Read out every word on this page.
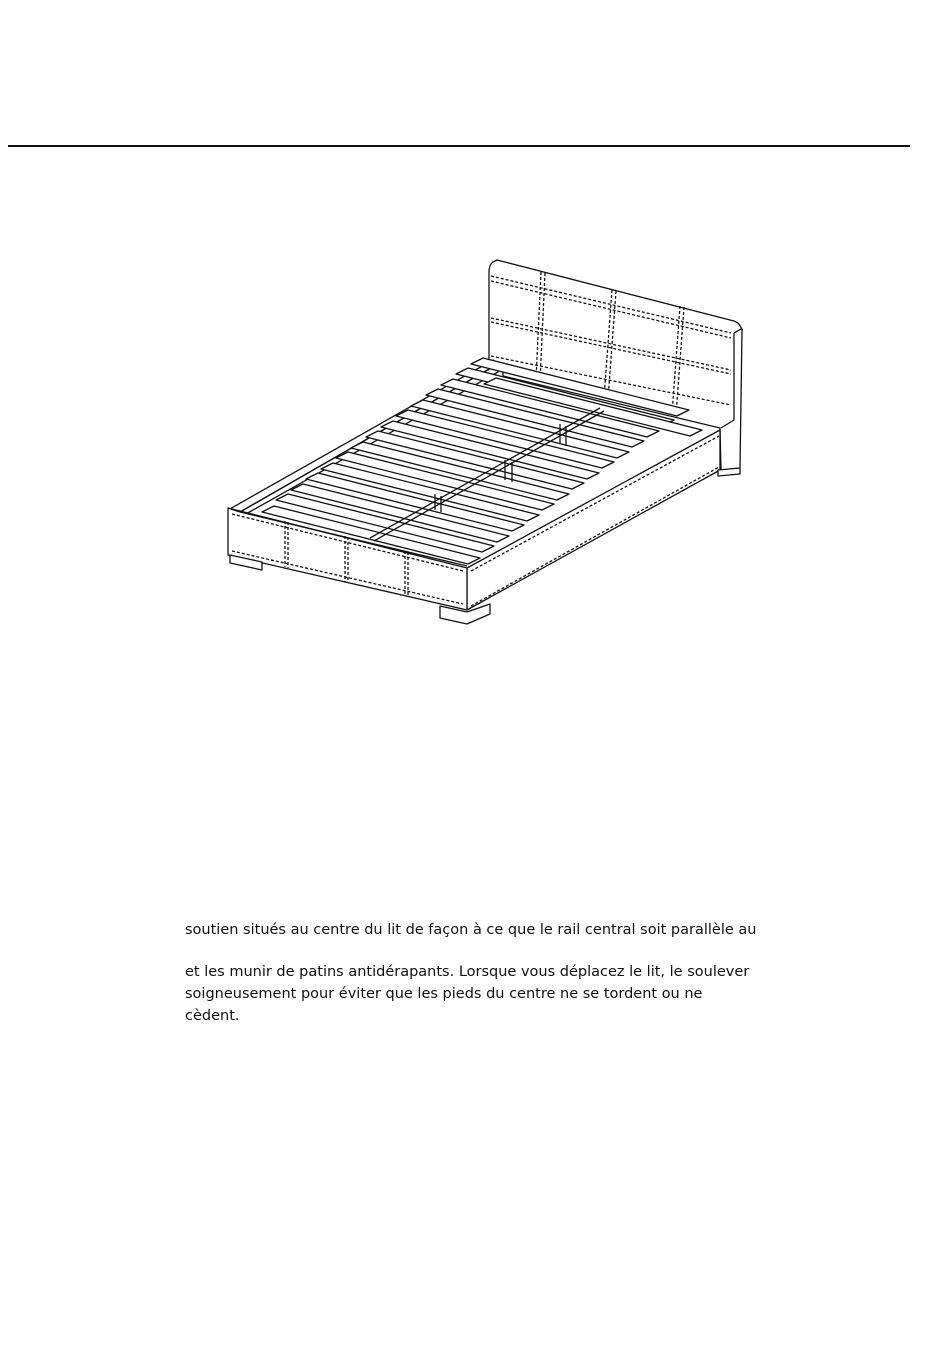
soutien situés au centre du lit de façon à ce que le rail central soit parallèle au
et les munir de patins antidérapants. Lorsque vous déplacez le lit, le soulever
soigneusement pour éviter que les pieds du centre ne se tordent ou ne
cèdent.
